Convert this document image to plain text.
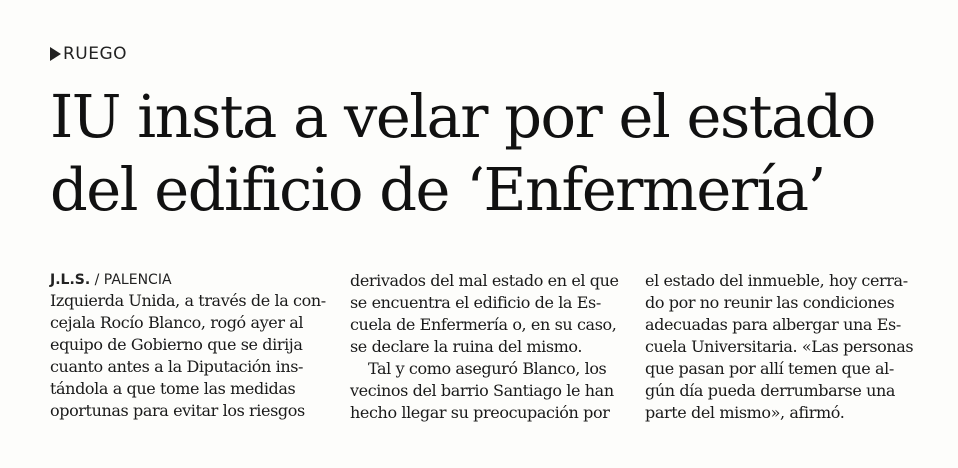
RUEGO
IU insta a velar por el estado
del edificio de ‘Enfermería’
J.L.S. / PALENCIA
Izquierda Unida, a través de la con-
cejala Rocío Blanco, rogó ayer al
equipo de Gobierno que se dirija
cuanto antes a la Diputación ins-
tándola a que tome las medidas
oportunas para evitar los riesgos
derivados del mal estado en el que
se encuentra el edificio de la Es-
cuela de Enfermería o, en su caso,
se declare la ruina del mismo.
Tal y como aseguró Blanco, los
vecinos del barrio Santiago le han
hecho llegar su preocupación por
el estado del inmueble, hoy cerra-
do por no reunir las condiciones
adecuadas para albergar una Es-
cuela Universitaria. «Las personas
que pasan por allí temen que al-
gún día pueda derrumbarse una
parte del mismo», afirmó.
